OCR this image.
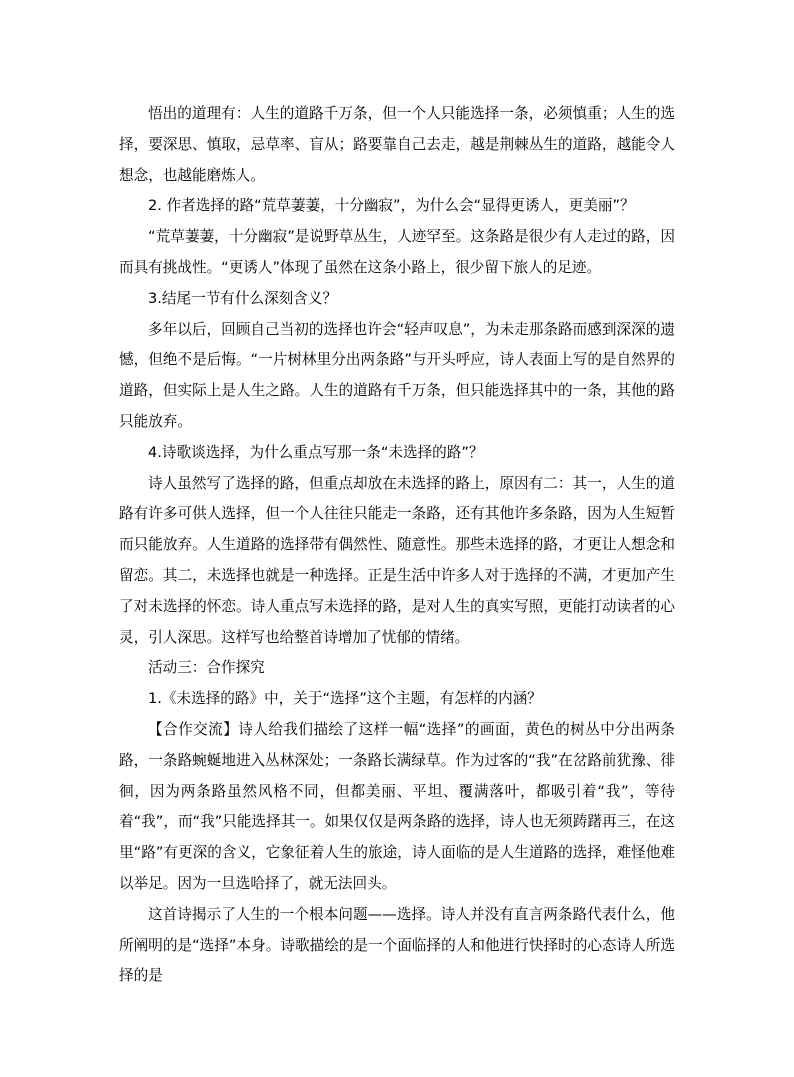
悟出的道理有：人生的道路千万条，但一个人只能选择一条，必须慎重；人生的选择，要深思、慎取，忌草率、盲从；路要靠自己去走，越是荆棘丛生的道路，越能令人想念，也越能磨炼人。

2. 作者选择的路“荒草萋萋，十分幽寂”，为什么会“显得更诱人，更美丽”？

“荒草萋萋，十分幽寂”是说野草丛生，人迹罕至。这条路是很少有人走过的路，因而具有挑战性。“更诱人”体现了虽然在这条小路上，很少留下旅人的足迹。

3.结尾一节有什么深刻含义？

多年以后，回顾自己当初的选择也许会“轻声叹息”，为未走那条路而感到深深的遗憾，但绝不是后悔。“一片树林里分出两条路”与开头呼应，诗人表面上写的是自然界的道路，但实际上是人生之路。人生的道路有千万条，但只能选择其中的一条，其他的路只能放弃。

4.诗歌谈选择，为什么重点写那一条“未选择的路”？

诗人虽然写了选择的路，但重点却放在未选择的路上，原因有二：其一，人生的道路有许多可供人选择，但一个人往往只能走一条路，还有其他许多条路，因为人生短暂而只能放弃。人生道路的选择带有偶然性、随意性。那些未选择的路，才更让人想念和留恋。其二，未选择也就是一种选择。正是生活中许多人对于选择的不满，才更加产生了对未选择的怀恋。诗人重点写未选择的路，是对人生的真实写照，更能打动读者的心灵，引人深思。这样写也给整首诗增加了忧郁的情绪。

活动三：合作探究

1.《未选择的路》中，关于“选择”这个主题，有怎样的内涵？

【合作交流】诗人给我们描绘了这样一幅“选择”的画面，黄色的树丛中分出两条路，一条路蜿蜒地进入丛林深处；一条路长满绿草。作为过客的“我”在岔路前犹豫、徘徊，因为两条路虽然风格不同，但都美丽、平坦、覆满落叶，都吸引着“我”，等待着“我”，而“我”只能选择其一。如果仅仅是两条路的选择，诗人也无须踌躇再三，在这里“路”有更深的含义，它象征着人生的旅途，诗人面临的是人生道路的选择，难怪他难以举足。因为一旦选哈择了，就无法回头。

这首诗揭示了人生的一个根本问题——选择。诗人并没有直言两条路代表什么，他所阐明的是“选择”本身。诗歌描绘的是一个面临择的人和他进行快择时的心态诗人所选择的是
